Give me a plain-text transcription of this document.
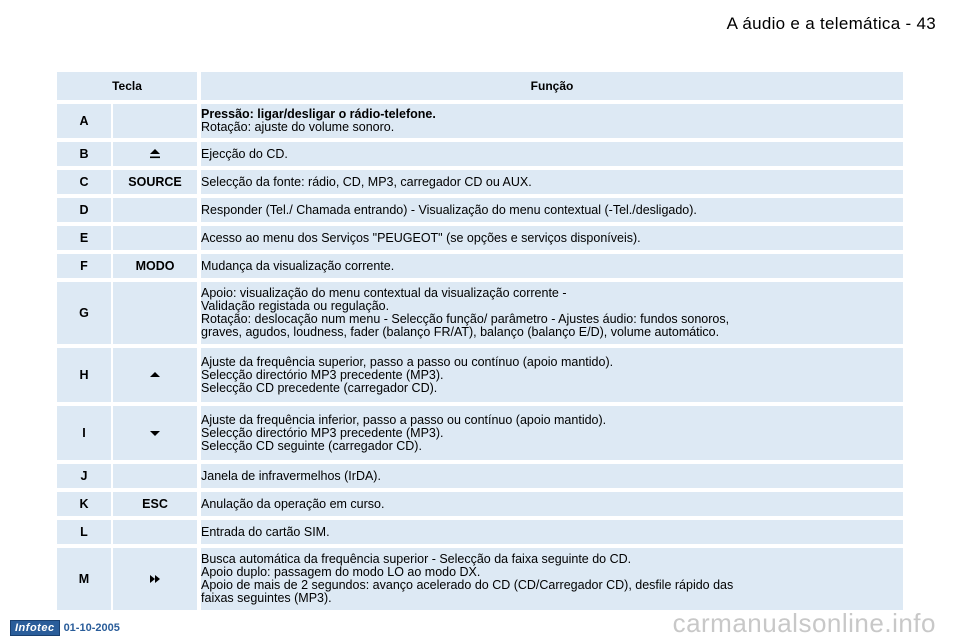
A áudio e a telemática - 43
Tecla		Função
A		Pressão: ligar/desligar o rádio-telefone.
Rotação: ajuste do volume sonoro.

B		Ejecção do CD.

C	SOURCE	Selecção da fonte: rádio, CD, MP3, carregador CD ou AUX.

D		Responder (Tel./ Chamada entrando) - Visualização do menu contextual (-Tel./desligado).

E		Acesso ao menu dos Serviços "PEUGEOT" (se opções e serviços disponíveis).

F	MODO	Mudança da visualização corrente.

G		Apoio: visualização do menu contextual da visualização corrente -
Validação registada ou regulação.
Rotação: deslocação num menu - Selecção função/ parâmetro - Ajustes áudio: fundos sonoros,
graves, agudos, loudness, fader (balanço FR/AT), balanço (balanço E/D), volume automático.

H		Ajuste da frequência superior, passo a passo ou contínuo (apoio mantido).
Selecção directório MP3 precedente (MP3).
Selecção CD precedente (carregador CD).

I		Ajuste da frequência inferior, passo a passo ou contínuo (apoio mantido).
Selecção directório MP3 precedente (MP3).
Selecção CD seguinte (carregador CD).

J		Janela de infravermelhos (IrDA).

K	ESC	Anulação da operação em curso.

L		Entrada do cartão SIM.

M		Busca automática da frequência superior - Selecção da faixa seguinte do CD.
Apoio duplo: passagem do modo LO ao modo DX.
Apoio de mais de 2 segundos: avanço acelerado do CD (CD/Carregador CD), desfile rápido das
faixas seguintes (MP3).
Infotec 01-10-2005	carmanualsonline.info
